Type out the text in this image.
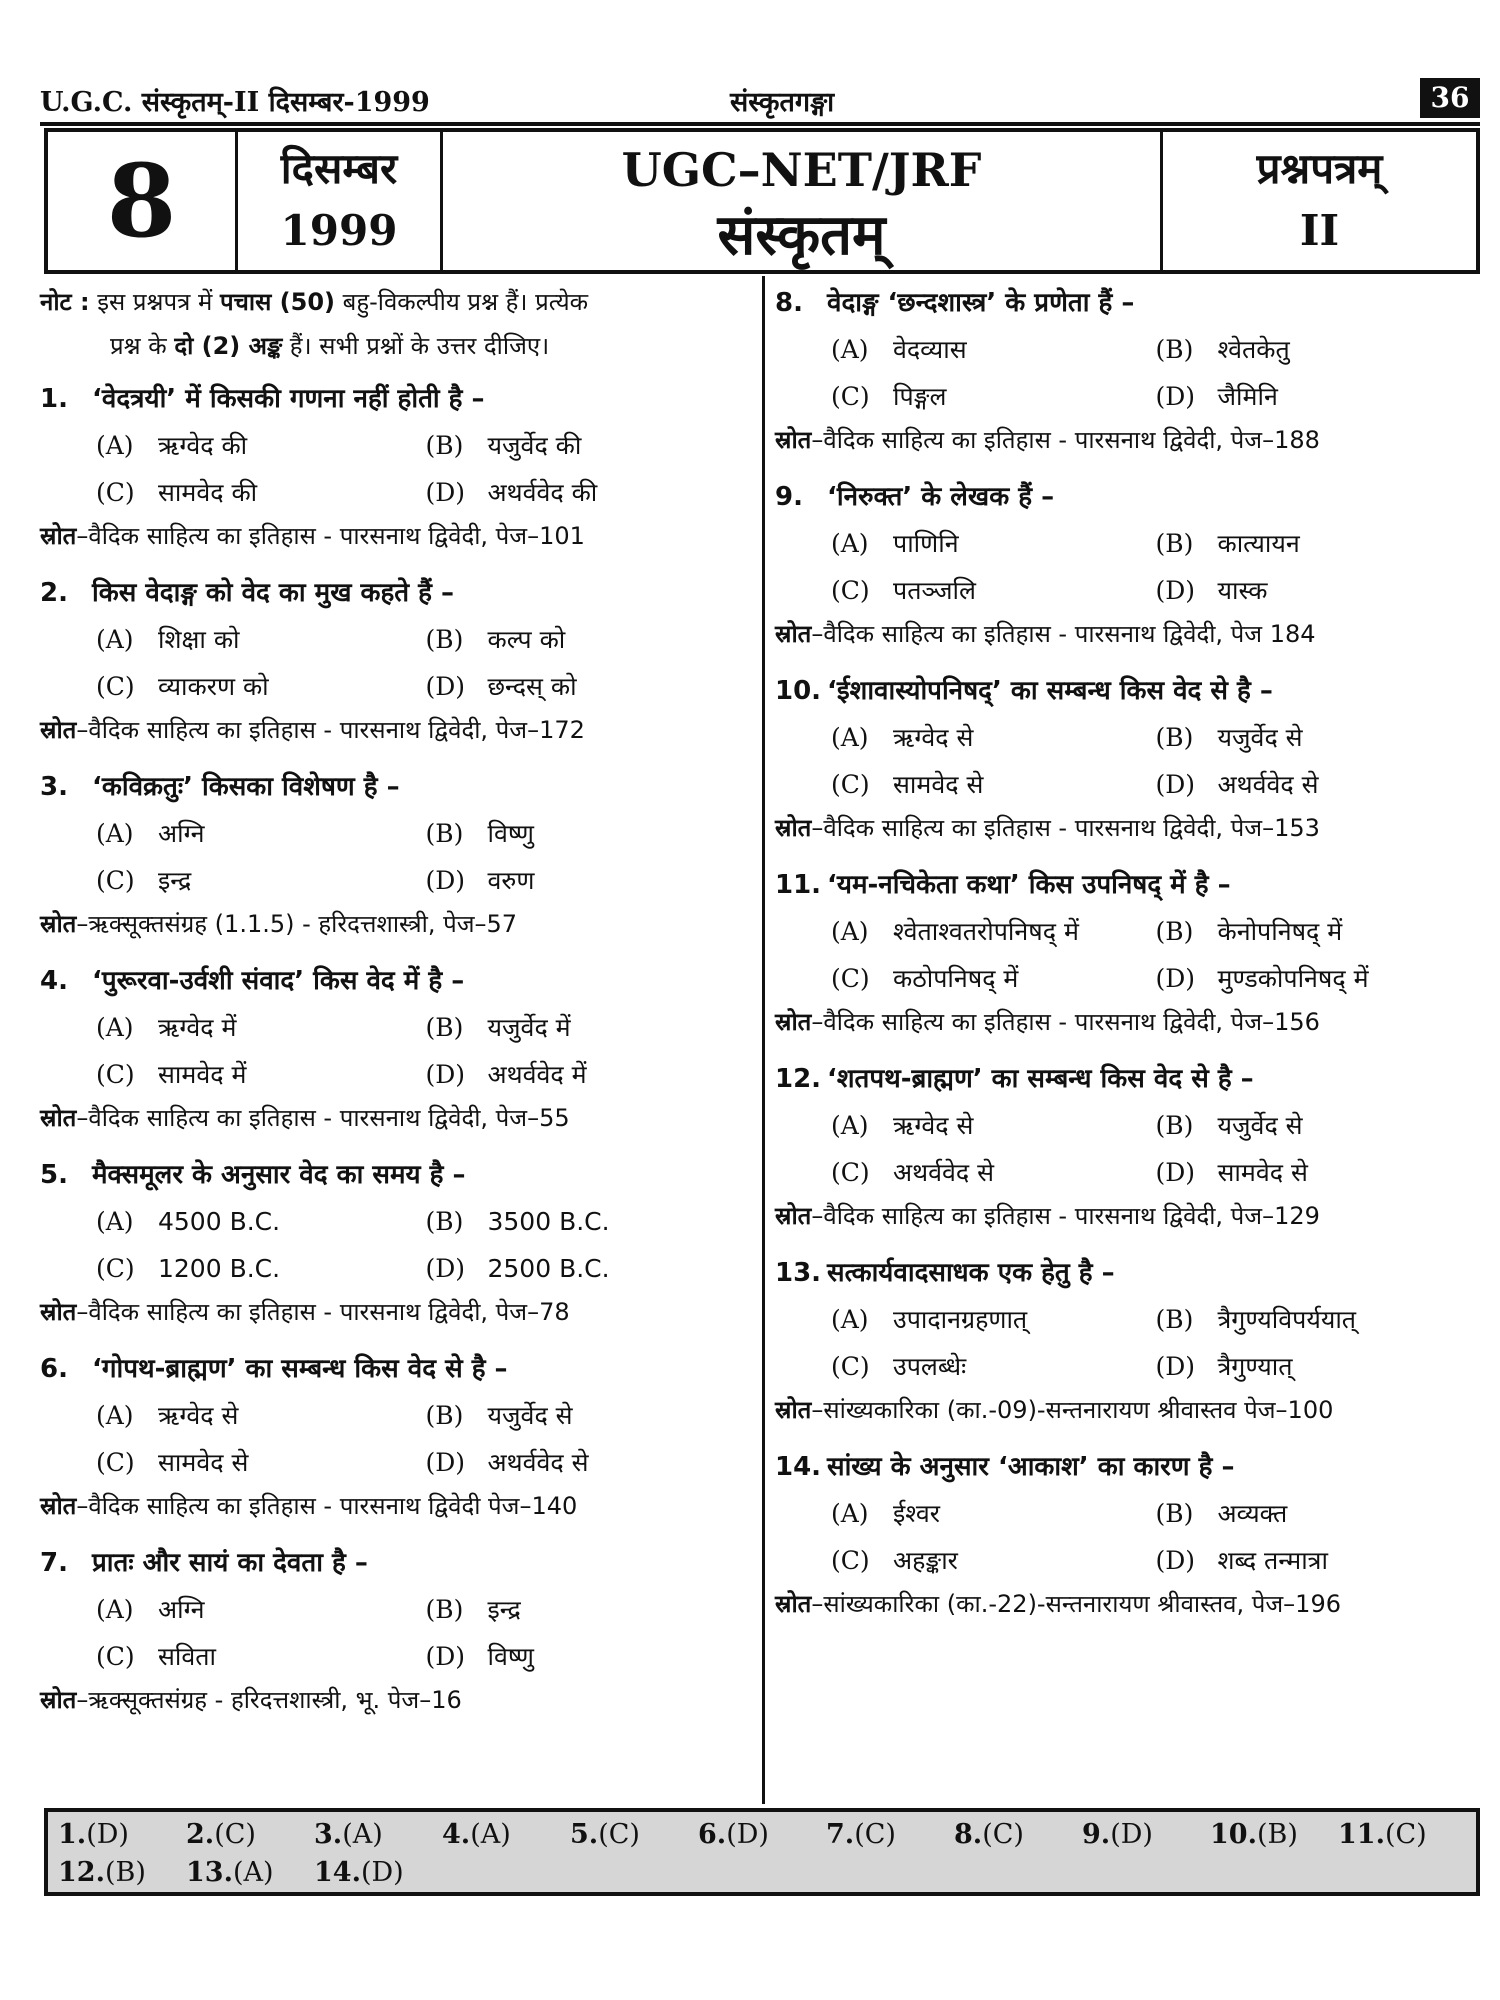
U.G.C. संस्कृतम्-II दिसम्बर-1999	संस्कृतगङ्गा	36
8	दिसम्बर
1999
UGC–NET/JRF
संस्कृतम्
प्रश्नपत्रम्
II
नोट : इस प्रश्नपत्र में पचास (50) बहु-विकल्पीय प्रश्न हैं। प्रत्येक
प्रश्न के दो (2) अङ्क हैं। सभी प्रश्नों के उत्तर दीजिए।
1. ‘वेदत्रयी’ में किसकी गणना नहीं होती है –
(A) ऋग्वेद की	(B) यजुर्वेद की
(C) सामवेद की	(D) अथर्ववेद की
स्रोत–वैदिक साहित्य का इतिहास - पारसनाथ द्विवेदी, पेज–101
2. किस वेदाङ्ग को वेद का मुख कहते हैं –
(A) शिक्षा को	(B) कल्प को
(C) व्याकरण को	(D) छन्दस् को
स्रोत–वैदिक साहित्य का इतिहास - पारसनाथ द्विवेदी, पेज–172
3. ‘कविक्रतुः’ किसका विशेषण है –
(A) अग्नि	(B) विष्णु
(C) इन्द्र	(D) वरुण
स्रोत–ऋक्सूक्तसंग्रह (1.1.5) - हरिदत्तशास्त्री, पेज–57
4. ‘पुरूरवा-उर्वशी संवाद’ किस वेद में है –
(A) ऋग्वेद में	(B) यजुर्वेद में
(C) सामवेद में	(D) अथर्ववेद में
स्रोत–वैदिक साहित्य का इतिहास - पारसनाथ द्विवेदी, पेज–55
5. मैक्समूलर के अनुसार वेद का समय है –
(A) 4500 B.C.	(B) 3500 B.C.
(C) 1200 B.C.	(D) 2500 B.C.
स्रोत–वैदिक साहित्य का इतिहास - पारसनाथ द्विवेदी, पेज–78
6. ‘गोपथ-ब्राह्मण’ का सम्बन्ध किस वेद से है –
(A) ऋग्वेद से	(B) यजुर्वेद से
(C) सामवेद से	(D) अथर्ववेद से
स्रोत–वैदिक साहित्य का इतिहास - पारसनाथ द्विवेदी पेज–140
7. प्रातः और सायं का देवता है –
(A) अग्नि	(B) इन्द्र
(C) सविता	(D) विष्णु
स्रोत–ऋक्सूक्तसंग्रह - हरिदत्तशास्त्री, भू. पेज–16
8. वेदाङ्ग ‘छन्दशास्त्र’ के प्रणेता हैं –
(A) वेदव्यास	(B) श्वेतकेतु
(C) पिङ्गल	(D) जैमिनि
स्रोत–वैदिक साहित्य का इतिहास - पारसनाथ द्विवेदी, पेज–188
9. ‘निरुक्त’ के लेखक हैं –
(A) पाणिनि	(B) कात्यायन
(C) पतञ्जलि	(D) यास्क
स्रोत–वैदिक साहित्य का इतिहास - पारसनाथ द्विवेदी, पेज 184
10. ‘ईशावास्योपनिषद्’ का सम्बन्ध किस वेद से है –
(A) ऋग्वेद से	(B) यजुर्वेद से
(C) सामवेद से	(D) अथर्ववेद से
स्रोत–वैदिक साहित्य का इतिहास - पारसनाथ द्विवेदी, पेज–153
11. ‘यम-नचिकेता कथा’ किस उपनिषद् में है –
(A) श्वेताश्वतरोपनिषद् में	(B) केनोपनिषद् में
(C) कठोपनिषद् में	(D) मुण्डकोपनिषद् में
स्रोत–वैदिक साहित्य का इतिहास - पारसनाथ द्विवेदी, पेज–156
12. ‘शतपथ-ब्राह्मण’ का सम्बन्ध किस वेद से है –
(A) ऋग्वेद से	(B) यजुर्वेद से
(C) अथर्ववेद से	(D) सामवेद से
स्रोत–वैदिक साहित्य का इतिहास - पारसनाथ द्विवेदी, पेज–129
13. सत्कार्यवादसाधक एक हेतु है –
(A) उपादानग्रहणात्	(B) त्रैगुण्यविपर्ययात्
(C) उपलब्धेः	(D) त्रैगुण्यात्
स्रोत–सांख्यकारिका (का.-09)-सन्तनारायण श्रीवास्तव पेज–100
14. सांख्य के अनुसार ‘आकाश’ का कारण है –
(A) ईश्वर	(B) अव्यक्त
(C) अहङ्कार	(D) शब्द तन्मात्रा
स्रोत–सांख्यकारिका (का.-22)-सन्तनारायण श्रीवास्तव, पेज–196
1.(D)	2.(C)	3.(A)	4.(A)	5.(C)	6.(D)	7.(C)	8.(C)	9.(D)	10.(B)	11.(C)
12.(B)	13.(A)	14.(D)
